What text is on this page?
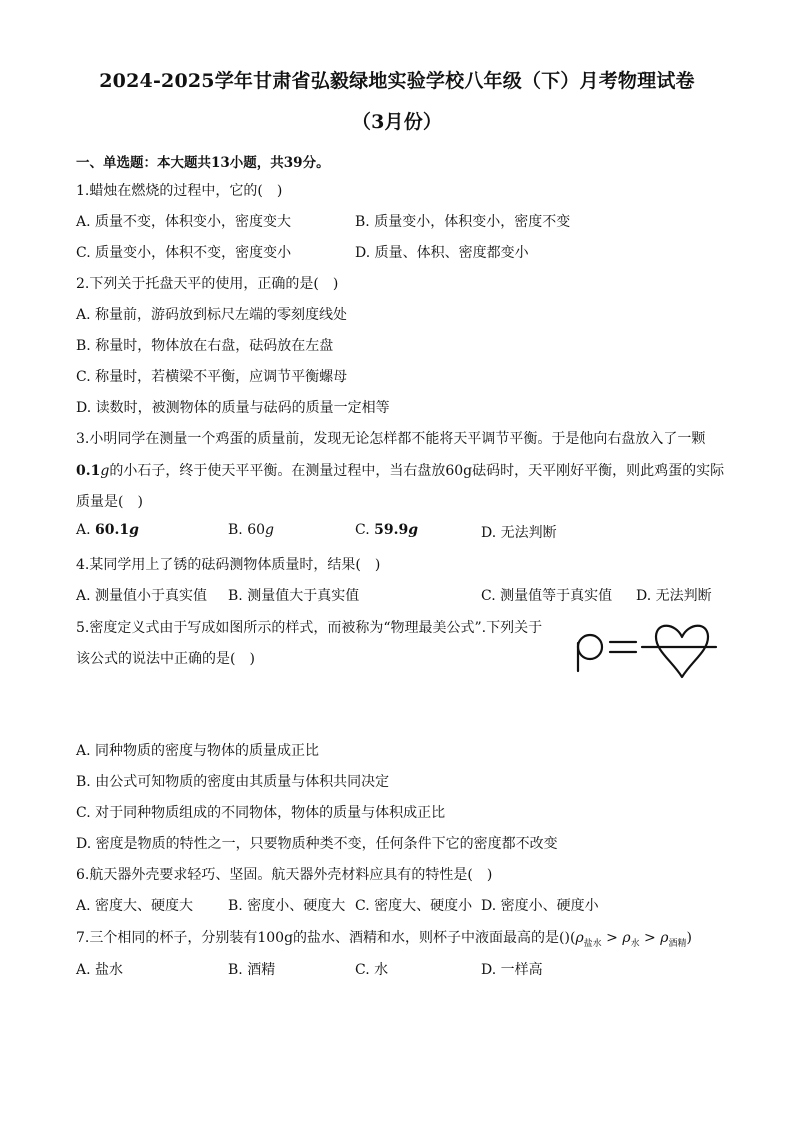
2024-2025学年甘肃省弘毅绿地实验学校八年级（下）月考物理试卷
（3月份）
一、单选题：本大题共13小题，共39分。
1.蜡烛在燃烧的过程中，它的(　)
A. 质量不变，体积变小，密度变大	B. 质量变小，体积变小，密度不变
C. 质量变小，体积不变，密度变小	D. 质量、体积、密度都变小
2.下列关于托盘天平的使用，正确的是(　)
A. 称量前，游码放到标尺左端的零刻度线处
B. 称量时，物体放在右盘，砝码放在左盘
C. 称量时，若横梁不平衡，应调节平衡螺母
D. 读数时，被测物体的质量与砝码的质量一定相等
3.小明同学在测量一个鸡蛋的质量前，发现无论怎样都不能将天平调节平衡。于是他向右盘放入了一颗
0.1g的小石子，终于使天平平衡。在测量过程中，当右盘放60g砝码时，天平刚好平衡，则此鸡蛋的实际
质量是(　)
A. 60.1g	B. 60g	C. 59.9g	D. 无法判断
4.某同学用上了锈的砝码测物体质量时，结果(　)
A. 测量值小于真实值 B. 测量值大于真实值	C. 测量值等于真实值 D. 无法判断
5.密度定义式由于写成如图所示的样式，而被称为“物理最美公式”.下列关于
该公式的说法中正确的是(　)
A. 同种物质的密度与物体的质量成正比
B. 由公式可知物质的密度由其质量与体积共同决定
C. 对于同种物质组成的不同物体，物体的质量与体积成正比
D. 密度是物质的特性之一，只要物质种类不变，任何条件下它的密度都不改变
6.航天器外壳要求轻巧、坚固。航天器外壳材料应具有的特性是(　)
A. 密度大、硬度大 B. 密度小、硬度大 C. 密度大、硬度小 D. 密度小、硬度小
7.三个相同的杯子，分别装有100g的盐水、酒精和水，则杯子中液面最高的是$()(\rho_{盐水} > \rho_水 > \rho_{酒精})$
A. 盐水	B. 酒精	C. 水	D. 一样高
